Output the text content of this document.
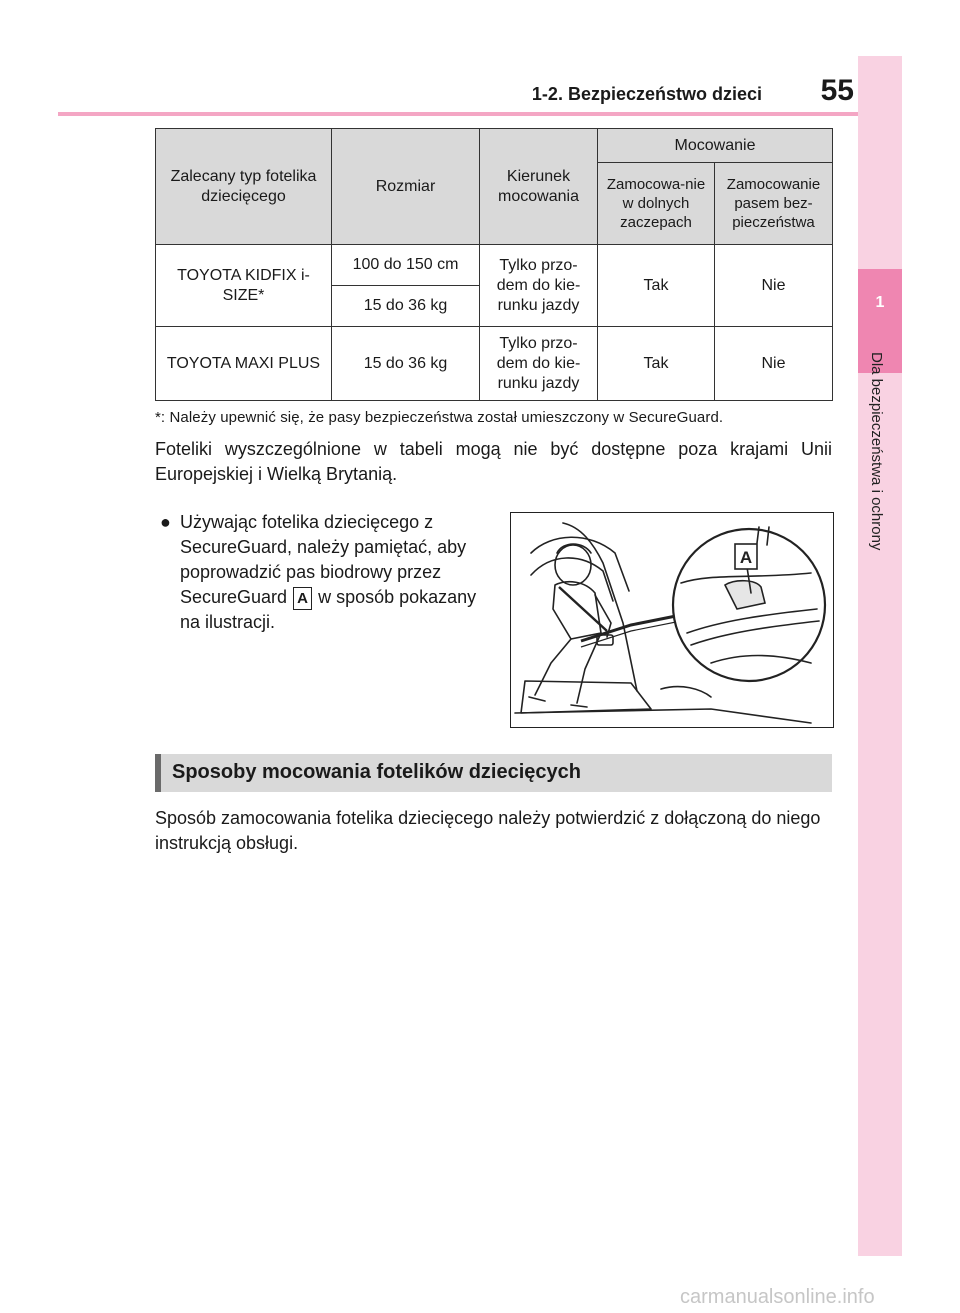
1-2. Bezpieczeństwo dzieci	55
1
Dla bezpieczeństwa i ochrony
Zalecany typ fotelika dziecięcego	Rozmiar	Kierunek mocowania	Mocowanie	
			Zamocowa-nie w dolnych zaczepach	Zamocowanie pasem bez-pieczeństwa
TOYOTA KIDFIX i-SIZE*	100 do 150 cm	Tylko przo-dem do kie-runku jazdy	Tak	Nie
	15 do 36 kg			
TOYOTA MAXI PLUS	15 do 36 kg	Tylko przo-dem do kie-runku jazdy	Tak	Nie
*: Należy upewnić się, że pasy bezpieczeństwa został umieszczony w SecureGuard.
Foteliki wyszczególnione w tabeli mogą nie być dostępne poza krajami Unii Europejskiej i Wielką Brytanią.
● Używając fotelika dziecięcego z SecureGuard, należy pamiętać, aby poprowadzić pas biodrowy przez SecureGuard A w sposób pokazany na ilustracji.
A
Sposoby mocowania fotelików dziecięcych
Sposób zamocowania fotelika dziecięcego należy potwierdzić z dołączoną do niego instrukcją obsługi.
carmanualsonline.info
